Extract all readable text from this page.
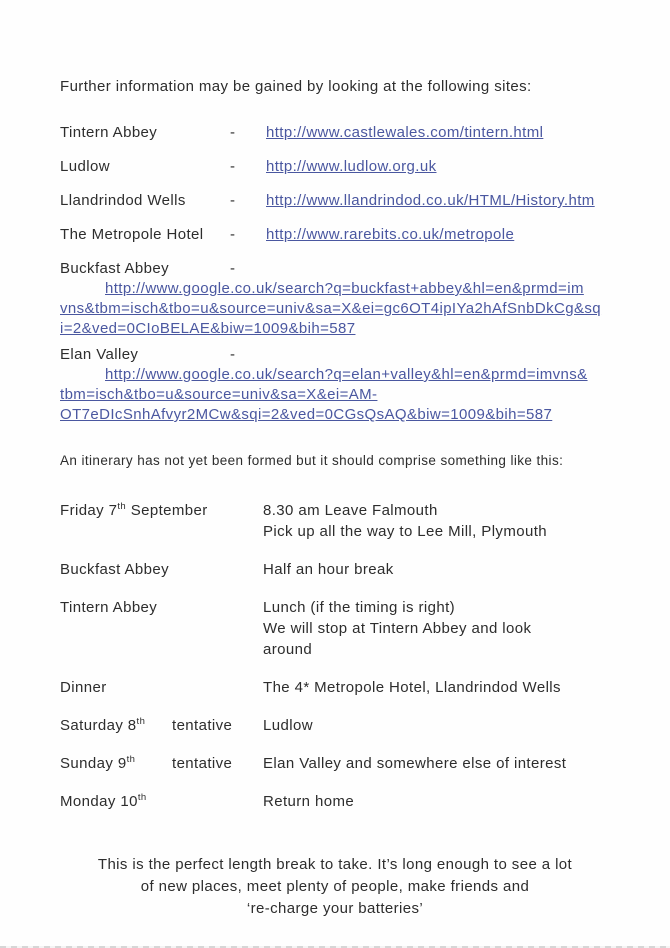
Further information may be gained by looking at the following sites:

Tintern Abbey	-	http://www.castlewales.com/tintern.html
Ludlow	-	http://www.ludlow.org.uk
Llandrindod Wells	-	http://www.llandrindod.co.uk/HTML/History.htm
The Metropole Hotel	-	http://www.rarebits.co.uk/metropole
Buckfast Abbey	-
http://www.google.co.uk/search?q=buckfast+abbey&hl=en&prmd=im
vns&tbm=isch&tbo=u&source=univ&sa=X&ei=gc6OT4ipIYa2hAfSnbDkCg&sq
i=2&ved=0CIoBELAE&biw=1009&bih=587
Elan Valley	-
http://www.google.co.uk/search?q=elan+valley&hl=en&prmd=imvns&
tbm=isch&tbo=u&source=univ&sa=X&ei=AM-
OT7eDIcSnhAfvyr2MCw&sqi=2&ved=0CGsQsAQ&biw=1009&bih=587

An itinerary has not yet been formed but it should comprise something like this:

Friday 7th September	8.30 am Leave Falmouth
Pick up all the way to Lee Mill, Plymouth
Buckfast Abbey	Half an hour break
Tintern Abbey	Lunch (if the timing is right)
We will stop at Tintern Abbey and look
around
Dinner	The 4* Metropole Hotel, Llandrindod Wells
Saturday 8th tentative Ludlow
Sunday 9th tentative Elan Valley and somewhere else of interest
Monday 10th	Return home
This is the perfect length break to take. It’s long enough to see a lot
of new places, meet plenty of people, make friends and
‘re-charge your batteries’
